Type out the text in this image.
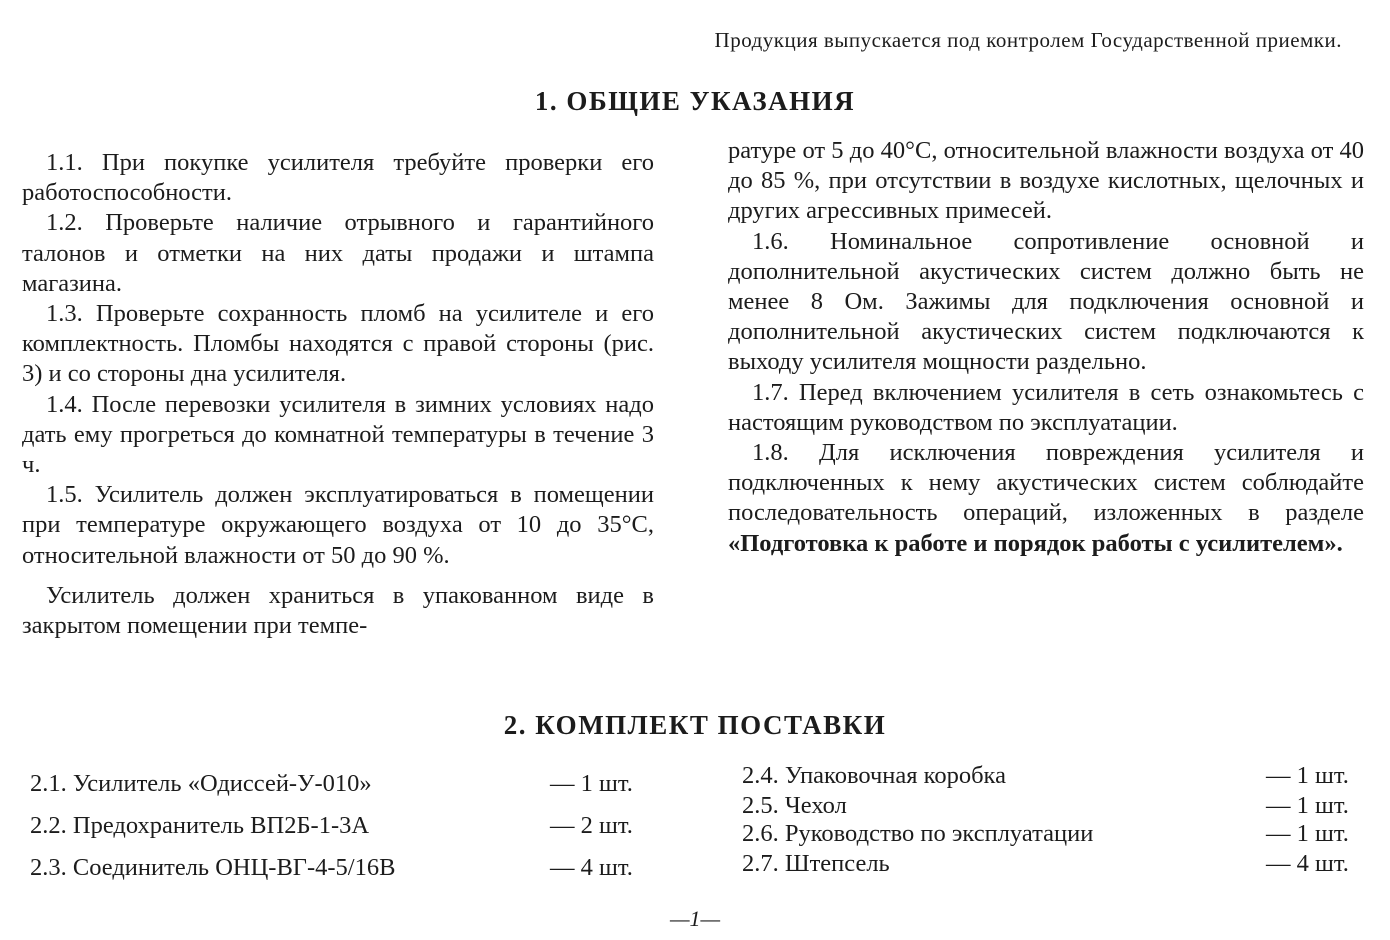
Продукция выпускается под контролем Государственной приемки.
1. ОБЩИЕ УКАЗАНИЯ

1.1. При покупке усилителя требуйте проверки его работоспособности.

1.2. Проверьте наличие отрывного и гарантийного талонов и отметки на них даты продажи и штампа магазина.

1.3. Проверьте сохранность пломб на усилителе и его комплектность. Пломбы находятся с правой стороны (рис. 3) и со стороны дна усилителя.

1.4. После перевозки усилителя в зимних условиях надо дать ему прогреться до комнатной температуры в течение 3 ч.

1.5. Усилитель должен эксплуатироваться в помещении при температуре окружающего воздуха от 10 до 35°C, относительной влажности от 50 до 90 %.

Усилитель должен храниться в упакованном виде в закрытом помещении при темпе-

ратуре от 5 до 40°C, относительной влажности воздуха от 40 до 85 %, при отсутствии в воздухе кислотных, щелочных и других агрессивных примесей.

1.6. Номинальное сопротивление основной и дополнительной акустических систем должно быть не менее 8 Ом. Зажимы для подключения основной и дополнительной акустических систем подключаются к выходу усилителя мощности раздельно.

1.7. Перед включением усилителя в сеть ознакомьтесь с настоящим руководством по эксплуатации.

1.8. Для исключения повреждения усилителя и подключенных к нему акустических систем соблюдайте последовательность операций, изложенных в разделе «Подготовка к работе и порядок работы с усилителем».

2. КОМПЛЕКТ ПОСТАВКИ
2.1. Усилитель «Одиссей-У-010»	— 1 шт.
2.2. Предохранитель ВП2Б-1-3А	— 2 шт.
2.3. Соединитель ОНЦ-ВГ-4-5/16В	— 4 шт.
2.4. Упаковочная коробка	— 1 шт.
2.5. Чехол	— 1 шт.
2.6. Руководство по эксплуатации	— 1 шт.
2.7. Штепсель	— 4 шт.
—1—
